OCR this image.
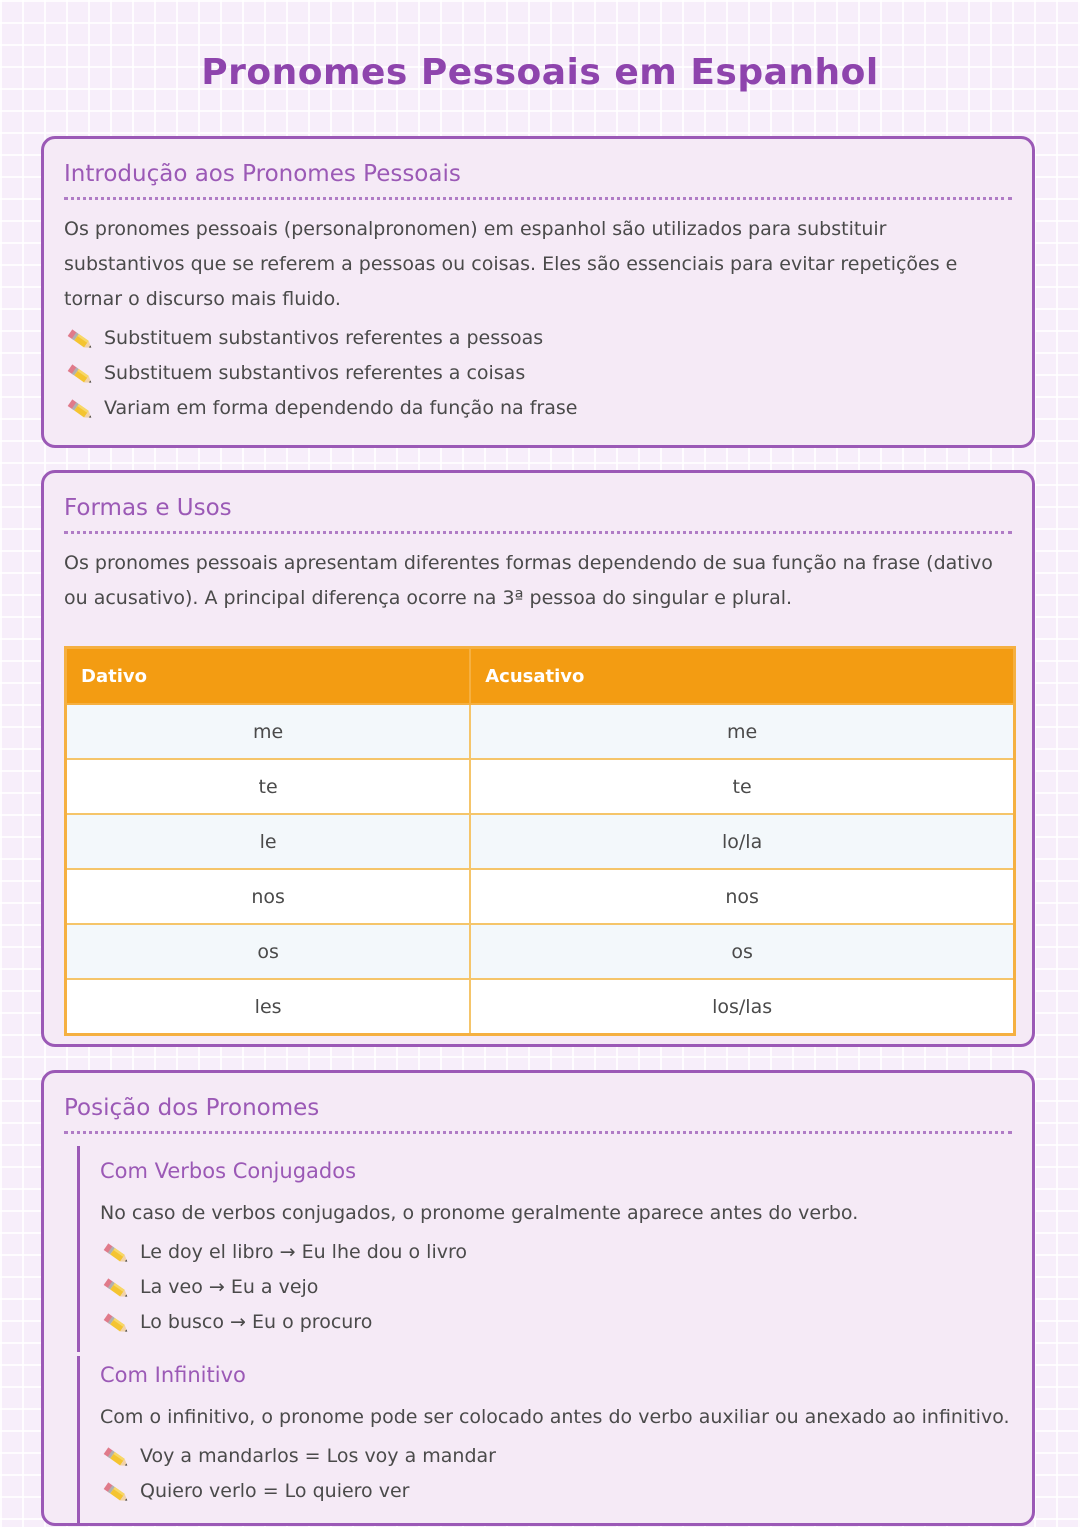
Pronomes Pessoais em Espanhol
Introdução aos Pronomes Pessoais

Os pronomes pessoais (personalpronomen) em espanhol são utilizados para substituir substantivos que se referem a pessoas ou coisas. Eles são essenciais para evitar repetições e tornar o discurso mais fluido.

Substituem substantivos referentes a pessoas
Substituem substantivos referentes a coisas
Variam em forma dependendo da função na frase
Formas e Usos

Os pronomes pessoais apresentam diferentes formas dependendo de sua função na frase (dativo ou acusativo). A principal diferença ocorre na 3ª pessoa do singular e plural.

Dativo	Acusativo
me	me
te	te
le	lo/la
nos	nos
os	os
les	los/las
Posição dos Pronomes
Com Verbos Conjugados

No caso de verbos conjugados, o pronome geralmente aparece antes do verbo.

Le doy el libro → Eu lhe dou o livro
La veo → Eu a vejo
Lo busco → Eu o procuro
Com Infinitivo

Com o infinitivo, o pronome pode ser colocado antes do verbo auxiliar ou anexado ao infinitivo.

Voy a mandarlos = Los voy a mandar
Quiero verlo = Lo quiero ver
